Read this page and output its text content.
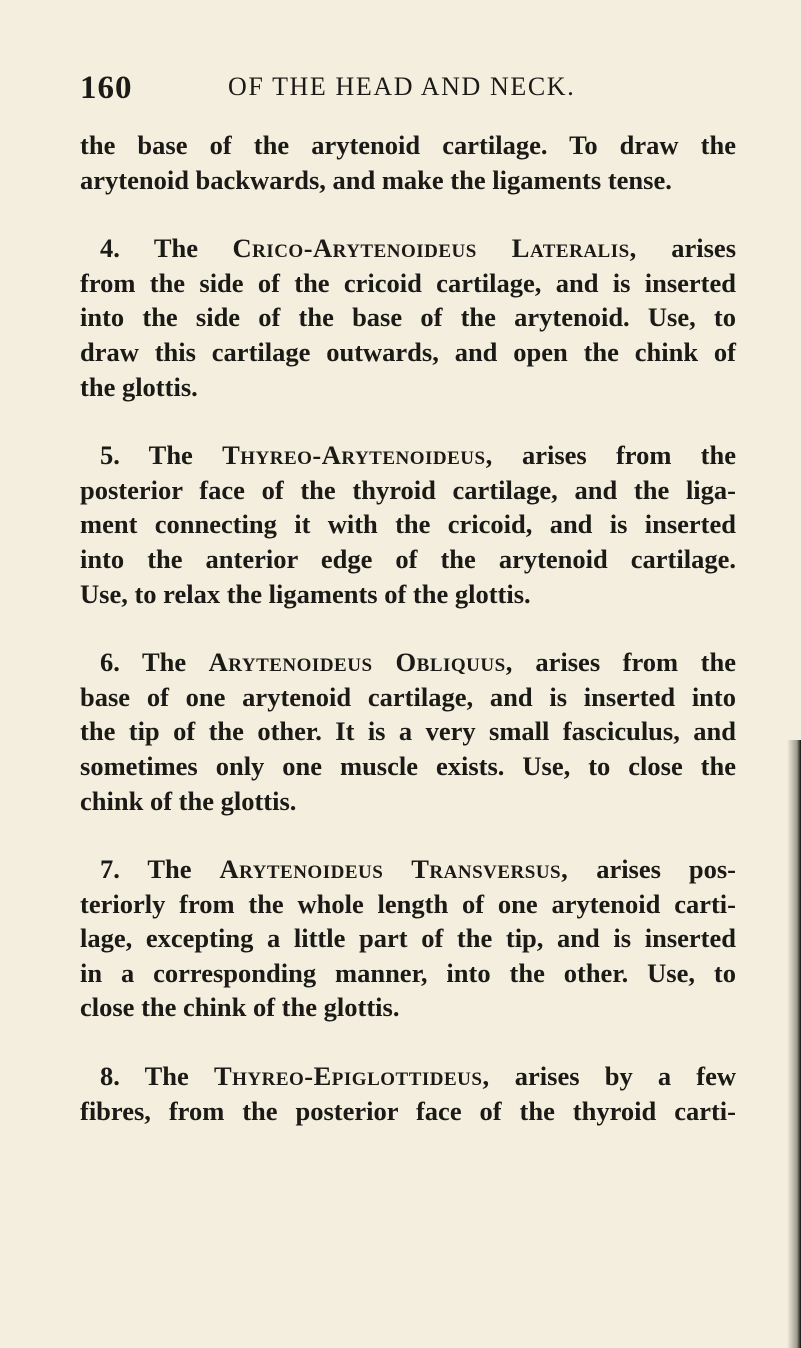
160	OF THE HEAD AND NECK.
the base of the arytenoid cartilage. To draw the
arytenoid backwards, and make the ligaments tense.
4. The Crico-Arytenoideus Lateralis, arises
from the side of the cricoid cartilage, and is inserted
into the side of the base of the arytenoid. Use, to
draw this cartilage outwards, and open the chink of
the glottis.
5. The Thyreo-Arytenoideus, arises from the
posterior face of the thyroid cartilage, and the liga-
ment connecting it with the cricoid, and is inserted
into the anterior edge of the arytenoid cartilage.
Use, to relax the ligaments of the glottis.
6. The Arytenoideus Obliquus, arises from the
base of one arytenoid cartilage, and is inserted into
the tip of the other. It is a very small fasciculus, and
sometimes only one muscle exists. Use, to close the
chink of the glottis.
7. The Arytenoideus Transversus, arises pos-
teriorly from the whole length of one arytenoid carti-
lage, excepting a little part of the tip, and is inserted
in a corresponding manner, into the other. Use, to
close the chink of the glottis.
8. The Thyreo-Epiglottideus, arises by a few
fibres, from the posterior face of the thyroid carti-
